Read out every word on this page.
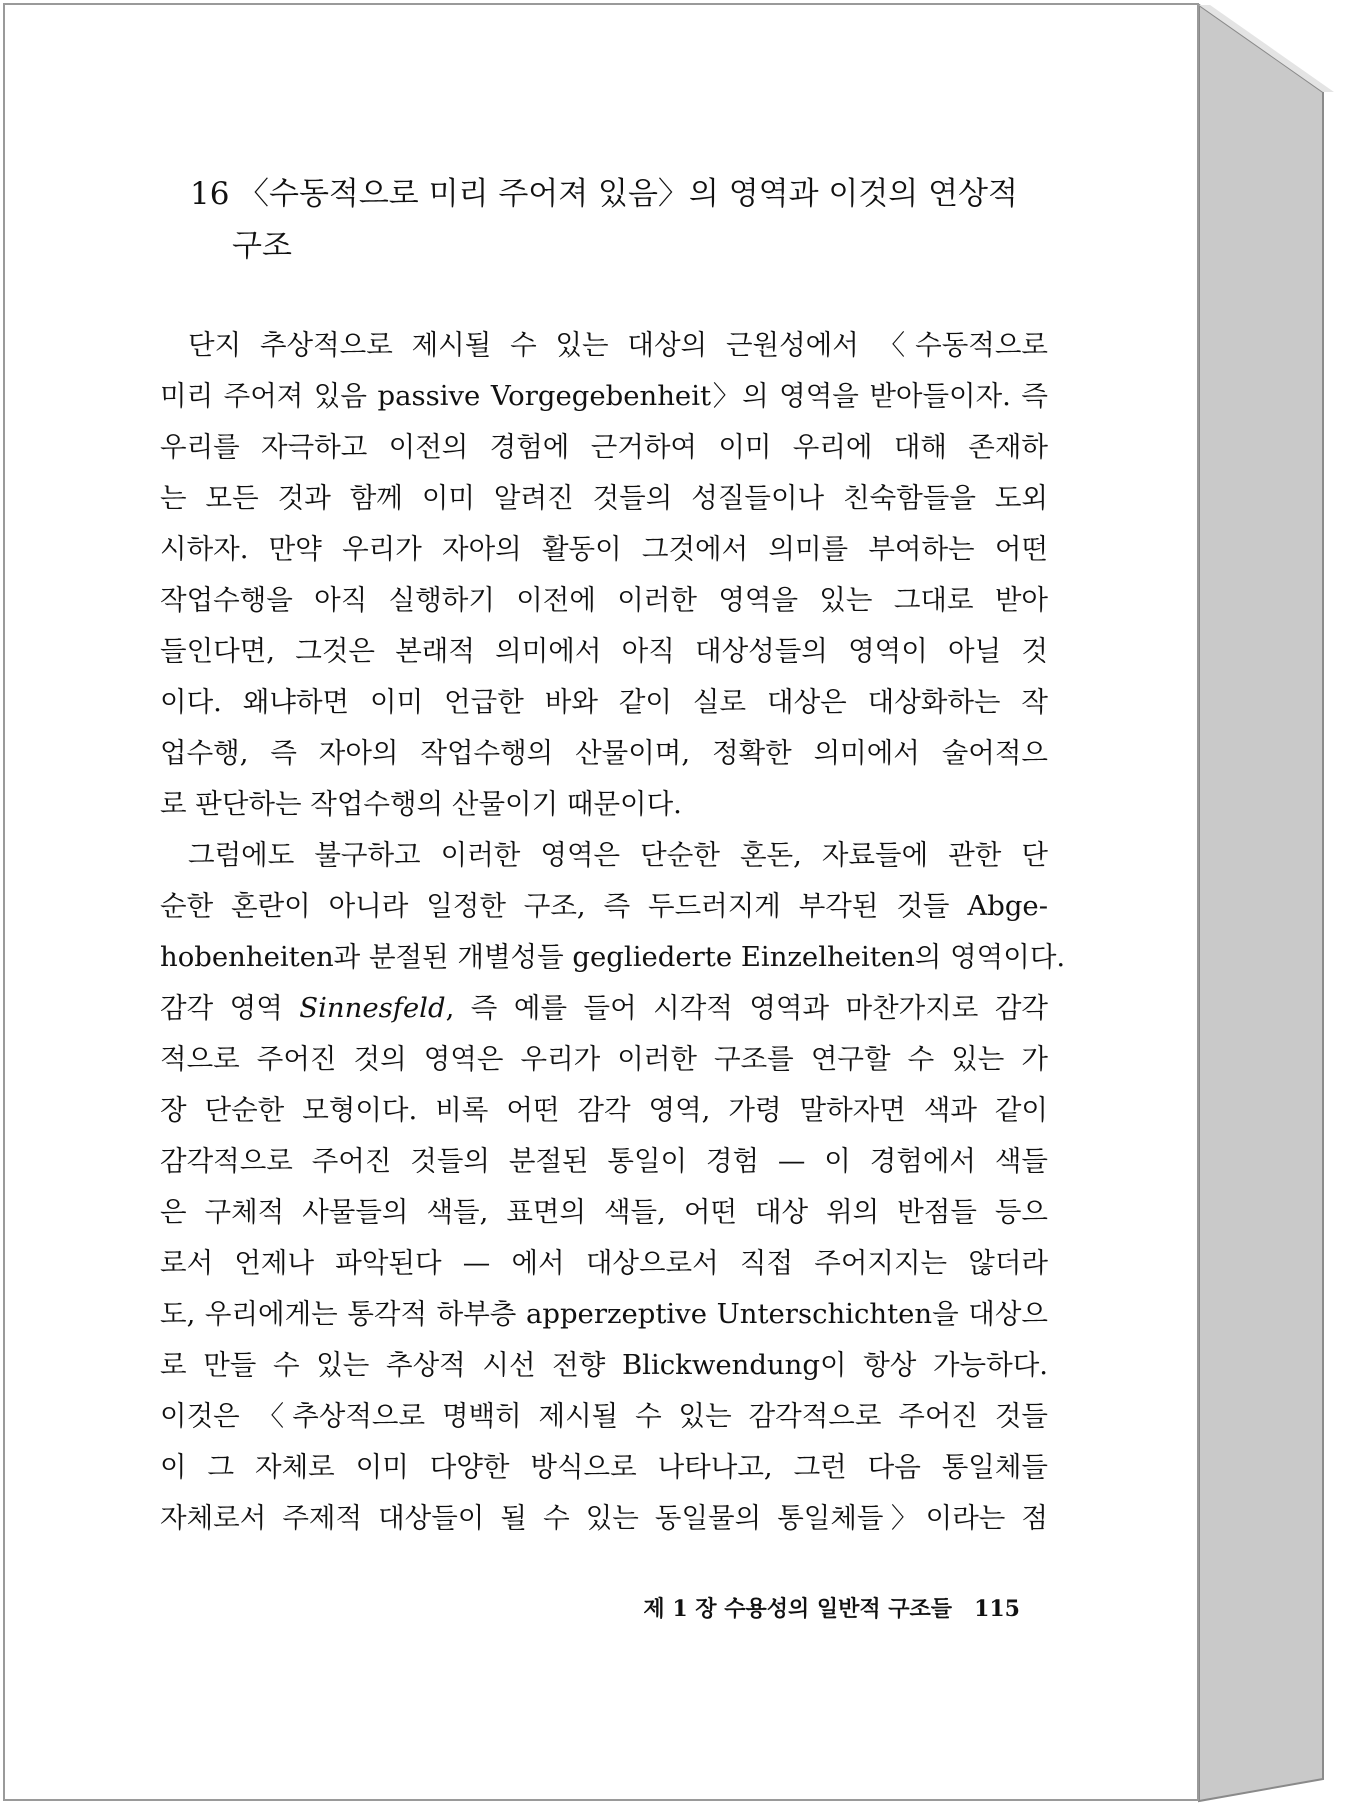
16 〈수동적으로 미리 주어져 있음〉의 영역과 이것의 연상적
구조
단지 추상적으로 제시될 수 있는 대상의 근원성에서 〈수동적으로
미리 주어져 있음 passive Vorgegebenheit〉의 영역을 받아들이자. 즉
우리를 자극하고 이전의 경험에 근거하여 이미 우리에 대해 존재하
는 모든 것과 함께 이미 알려진 것들의 성질들이나 친숙함들을 도외
시하자. 만약 우리가 자아의 활동이 그것에서 의미를 부여하는 어떤
작업수행을 아직 실행하기 이전에 이러한 영역을 있는 그대로 받아
들인다면, 그것은 본래적 의미에서 아직 대상성들의 영역이 아닐 것
이다. 왜냐하면 이미 언급한 바와 같이 실로 대상은 대상화하는 작
업수행, 즉 자아의 작업수행의 산물이며, 정확한 의미에서 술어적으
로 판단하는 작업수행의 산물이기 때문이다.
그럼에도 불구하고 이러한 영역은 단순한 혼돈, 자료들에 관한 단
순한 혼란이 아니라 일정한 구조, 즉 두드러지게 부각된 것들 Abge-
hobenheiten과 분절된 개별성들 gegliederte Einzelheiten의 영역이다.
감각 영역 Sinnesfeld, 즉 예를 들어 시각적 영역과 마찬가지로 감각
적으로 주어진 것의 영역은 우리가 이러한 구조를 연구할 수 있는 가
장 단순한 모형이다. 비록 어떤 감각 영역, 가령 말하자면 색과 같이
감각적으로 주어진 것들의 분절된 통일이 경험 — 이 경험에서 색들
은 구체적 사물들의 색들, 표면의 색들, 어떤 대상 위의 반점들 등으
로서 언제나 파악된다 — 에서 대상으로서 직접 주어지지는 않더라
도, 우리에게는 통각적 하부층 apperzeptive Unterschichten을 대상으
로 만들 수 있는 추상적 시선 전향 Blickwendung이 항상 가능하다.
이것은 〈추상적으로 명백히 제시될 수 있는 감각적으로 주어진 것들
이 그 자체로 이미 다양한 방식으로 나타나고, 그런 다음 통일체들
자체로서 주제적 대상들이 될 수 있는 동일물의 통일체들〉이라는 점
제 1 장 수용성의 일반적 구조들 115
